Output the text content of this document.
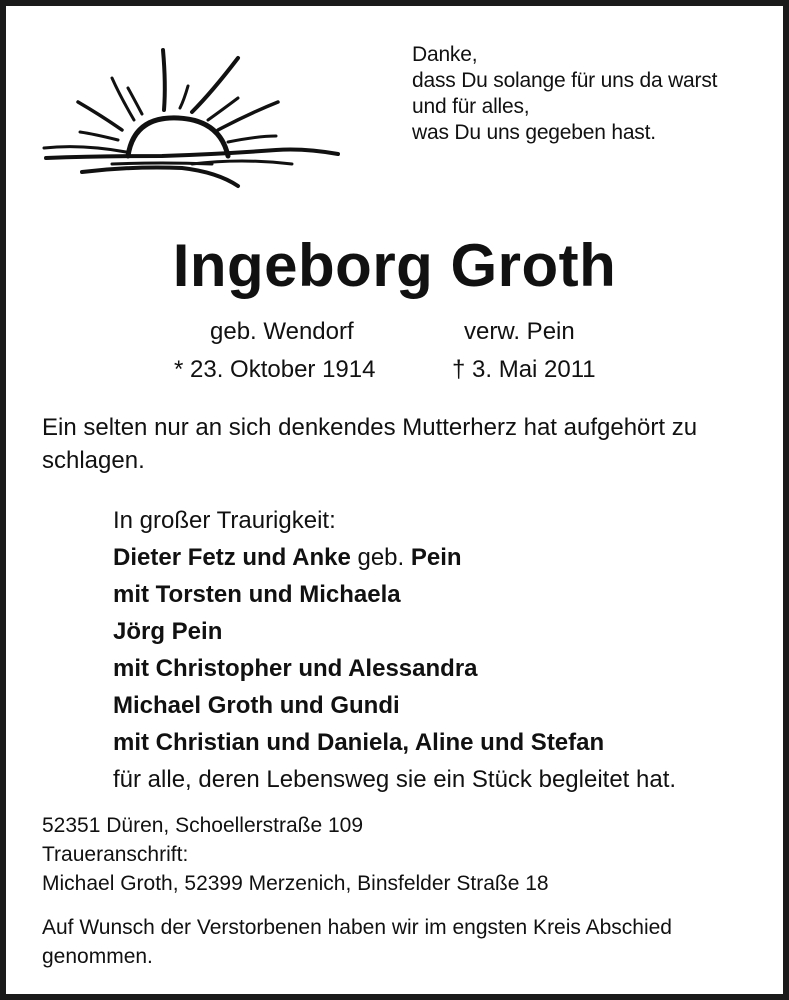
Danke,
dass Du solange für uns da warst
und für alles,
was Du uns gegeben hast.
Ingeborg Groth
geb. Wendorf	verw. Pein
* 23. Oktober 1914	† 3. Mai 2011
Ein selten nur an sich denkendes Mutterherz hat aufgehört zu schlagen.
In großer Traurigkeit:
Dieter Fetz und Anke geb. Pein
mit Torsten und Michaela
Jörg Pein
mit Christopher und Alessandra
Michael Groth und Gundi
mit Christian und Daniela, Aline und Stefan
für alle, deren Lebensweg sie ein Stück begleitet hat.
52351 Düren, Schoellerstraße 109
Traueranschrift:
Michael Groth, 52399 Merzenich, Binsfelder Straße 18
Auf Wunsch der Verstorbenen haben wir im engsten Kreis Abschied genommen.
